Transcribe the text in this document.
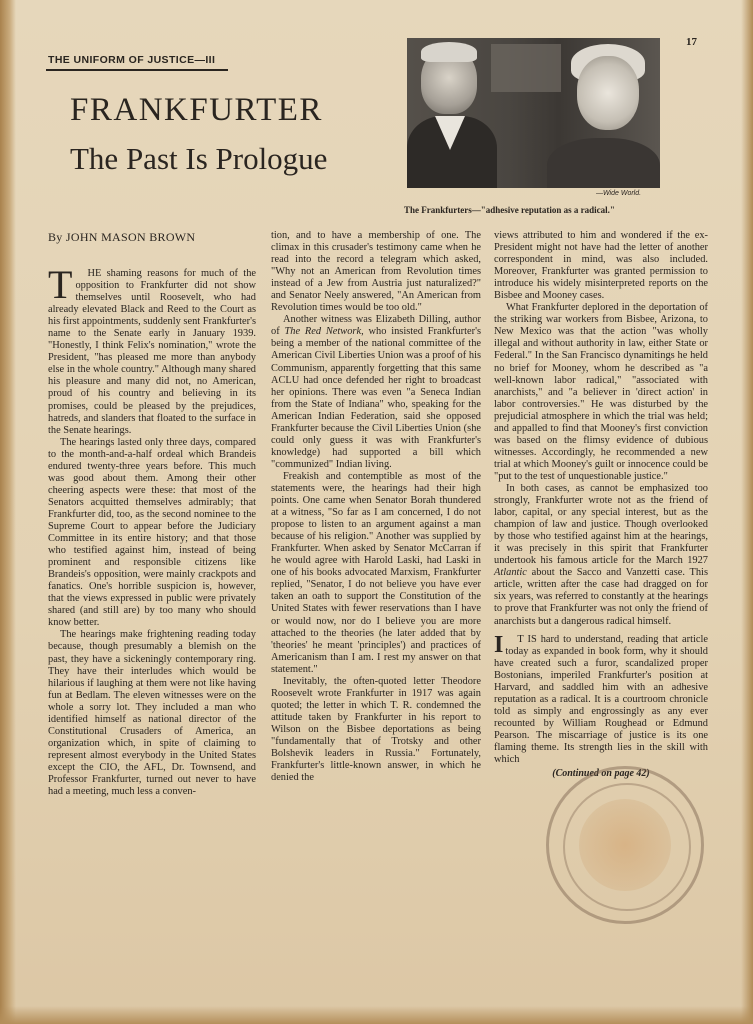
17
THE UNIFORM OF JUSTICE—III
FRANKFURTER
The Past Is Prologue
—Wide World.
The Frankfurters—"adhesive reputation as a radical."
By JOHN MASON BROWN

T HE shaming reasons for much of the opposition to Frankfurter did not show themselves until Roosevelt, who had already elevated Black and Reed to the Court as his first appointments, suddenly sent Frankfurter's name to the Senate early in January 1939. "Honestly, I think Felix's nomination," wrote the President, "has pleased me more than anybody else in the whole country." Although many shared his pleasure and many did not, no American, proud of his country and believing in its promises, could be pleased by the prejudices, hatreds, and slanders that floated to the surface in the Senate hearings.

The hearings lasted only three days, compared to the month-and-a-half ordeal which Brandeis endured twenty-three years before. This much was good about them. Among their other cheering aspects were these: that most of the Senators acquitted themselves admirably; that Frankfurter did, too, as the second nominee to the Supreme Court to appear before the Judiciary Committee in its entire history; and that those who testified against him, instead of being prominent and responsible citizens like Brandeis's opposition, were mainly crackpots and fanatics. One's horrible suspicion is, however, that the views expressed in public were privately shared (and still are) by too many who should know better.

The hearings make frightening reading today because, though presumably a blemish on the past, they have a sickeningly contemporary ring. They have their interludes which would be hilarious if laughing at them were not like having fun at Bedlam. The eleven witnesses were on the whole a sorry lot. They included a man who identified himself as national director of the Constitutional Crusaders of America, an organization which, in spite of claiming to represent almost everybody in the United States except the CIO, the AFL, Dr. Townsend, and Professor Frankfurter, turned out never to have had a meeting, much less a conven-

tion, and to have a membership of one. The climax in this crusader's testimony came when he read into the record a telegram which asked, "Why not an American from Revolution times instead of a Jew from Austria just naturalized?" and Senator Neely answered, "An American from Revolution times would be too old."

Another witness was Elizabeth Dilling, author of The Red Network, who insisted Frankfurter's being a member of the national committee of the American Civil Liberties Union was a proof of his Communism, apparently forgetting that this same ACLU had once defended her right to broadcast her opinions. There was even "a Seneca Indian from the State of Indiana" who, speaking for the American Indian Federation, said she opposed Frankfurter because the Civil Liberties Union (she could only guess it was with Frankfurter's knowledge) had supported a bill which "communized" Indian living.

Freakish and contemptible as most of the statements were, the hearings had their high points. One came when Senator Borah thundered at a witness, "So far as I am concerned, I do not propose to listen to an argument against a man because of his religion." Another was supplied by Frankfurter. When asked by Senator McCarran if he would agree with Harold Laski, had Laski in one of his books advocated Marxism, Frankfurter replied, "Senator, I do not believe you have ever taken an oath to support the Constitution of the United States with fewer reservations than I have or would now, nor do I believe you are more attached to the theories (he later added that by 'theories' he meant 'principles') and practices of Americanism than I am. I rest my answer on that statement."

Inevitably, the often-quoted letter Theodore Roosevelt wrote Frankfurter in 1917 was again quoted; the letter in which T. R. condemned the attitude taken by Frankfurter in his report to Wilson on the Bisbee deportations as being "fundamentally that of Trotsky and other Bolshevik leaders in Russia." Fortunately, Frankfurter's little-known answer, in which he denied the

views attributed to him and wondered if the ex-President might not have had the letter of another correspondent in mind, was also included. Moreover, Frankfurter was granted permission to introduce his widely misinterpreted reports on the Bisbee and Mooney cases.

What Frankfurter deplored in the deportation of the striking war workers from Bisbee, Arizona, to New Mexico was that the action "was wholly illegal and without authority in law, either State or Federal." In the San Francisco dynamitings he held no brief for Mooney, whom he described as "a well-known labor radical," "associated with anarchists," and "a believer in 'direct action' in labor controversies." He was disturbed by the prejudicial atmosphere in which the trial was held; and appalled to find that Mooney's first conviction was based on the flimsy evidence of dubious witnesses. Accordingly, he recommended a new trial at which Mooney's guilt or innocence could be "put to the test of unquestionable justice."

In both cases, as cannot be emphasized too strongly, Frankfurter wrote not as the friend of labor, capital, or any special interest, but as the champion of law and justice. Though overlooked by those who testified against him at the hearings, it was precisely in this spirit that Frankfurter undertook his famous article for the March 1927 Atlantic about the Sacco and Vanzetti case. This article, written after the case had dragged on for six years, was referred to constantly at the hearings to prove that Frankfurter was not only the friend of anarchists but a dangerous radical himself.

I T IS hard to understand, reading that article today as expanded in book form, why it should have created such a furor, scandalized proper Bostonians, imperiled Frankfurter's position at Harvard, and saddled him with an adhesive reputation as a radical. It is a courtroom chronicle told as simply and engrossingly as any ever recounted by William Roughead or Edmund Pearson. The miscarriage of justice is its one flaming theme. Its strength lies in the skill with which

(Continued on page 42)
